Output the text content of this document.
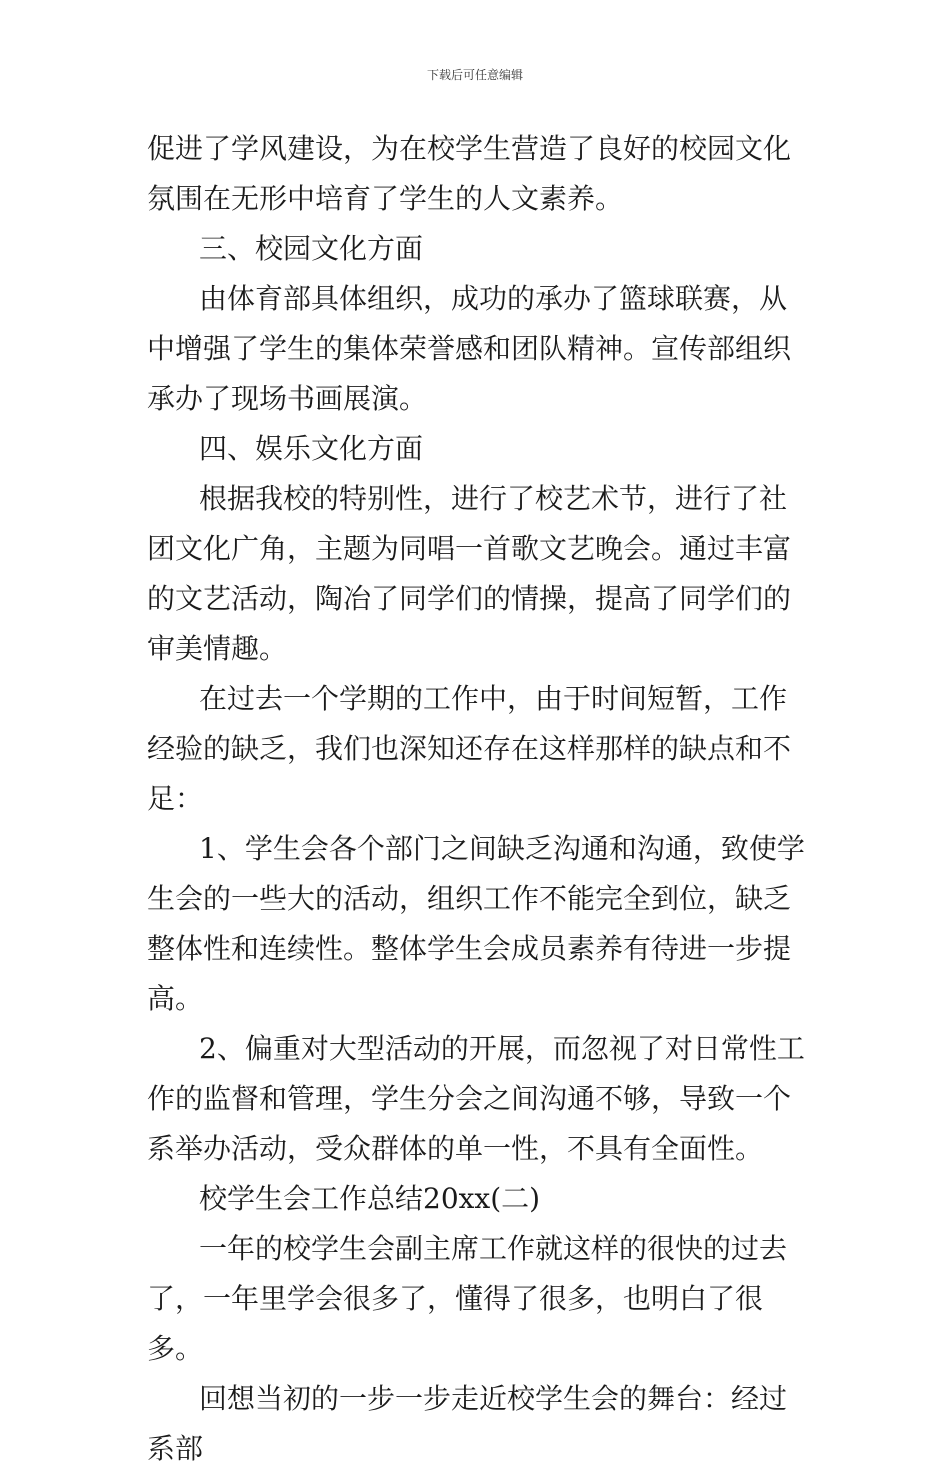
下载后可任意编辑

促进了学风建设，为在校学生营造了良好的校园文化氛围在无形中培育了学生的人文素养。

三、校园文化方面

由体育部具体组织，成功的承办了篮球联赛，从中增强了学生的集体荣誉感和团队精神。宣传部组织承办了现场书画展演。

四、娱乐文化方面

根据我校的特别性，进行了校艺术节，进行了社团文化广角，主题为同唱一首歌文艺晚会。通过丰富的文艺活动，陶冶了同学们的情操，提高了同学们的审美情趣。

在过去一个学期的工作中，由于时间短暂，工作经验的缺乏，我们也深知还存在这样那样的缺点和不足：

1、学生会各个部门之间缺乏沟通和沟通，致使学生会的一些大的活动，组织工作不能完全到位，缺乏整体性和连续性。整体学生会成员素养有待进一步提高。

2、偏重对大型活动的开展，而忽视了对日常性工作的监督和管理，学生分会之间沟通不够，导致一个系举办活动，受众群体的单一性，不具有全面性。

校学生会工作总结20xx(二)

一年的校学生会副主席工作就这样的很快的过去了，一年里学会很多了，懂得了很多，也明白了很多。

回想当初的一步一步走近校学生会的舞台：经过系部
